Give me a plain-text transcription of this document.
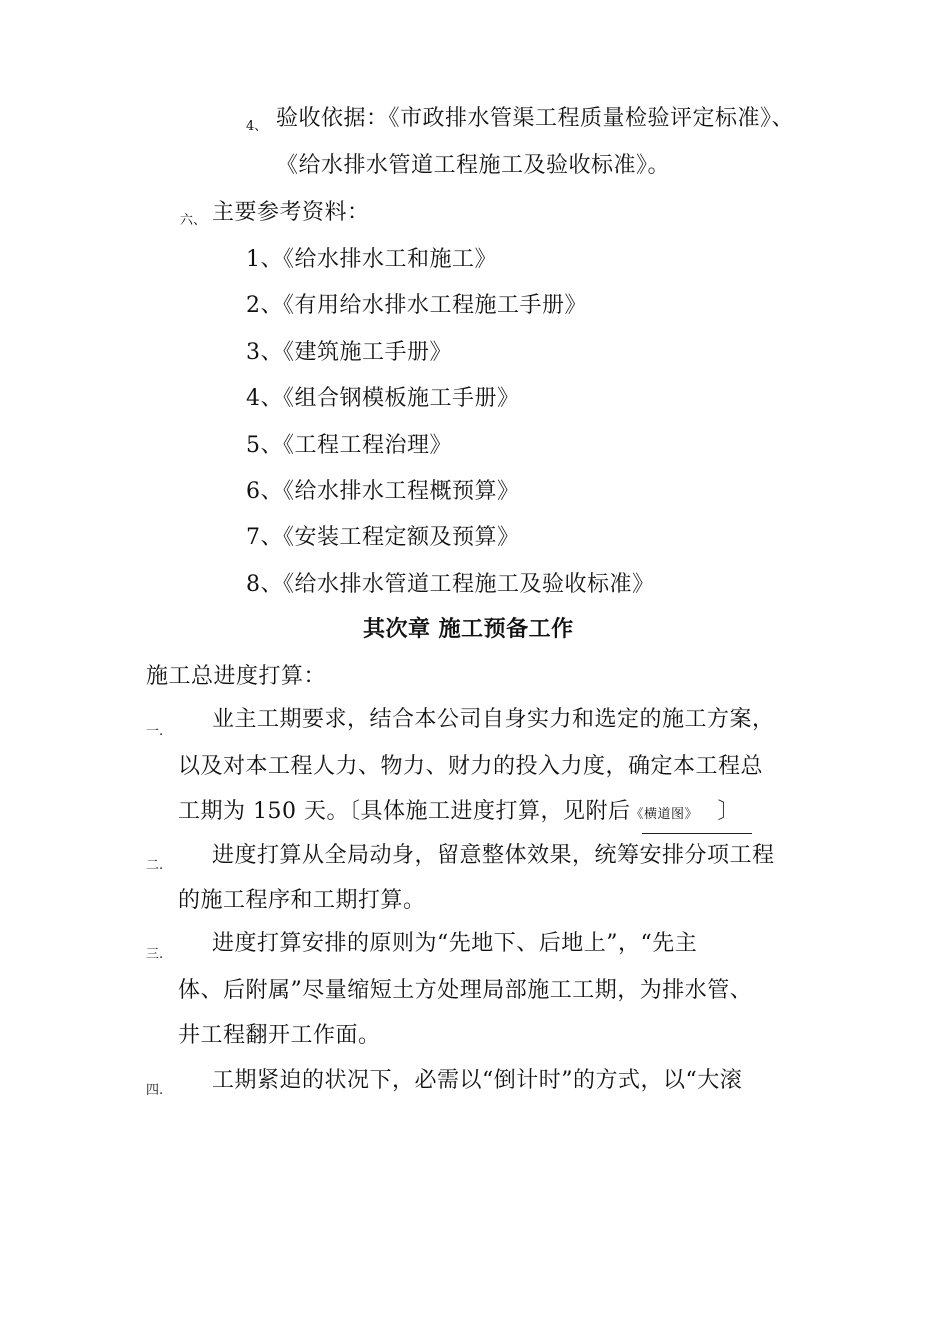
4、 验收依据：《市政排水管渠工程质量检验评定标准》、
《给水排水管道工程施工及验收标准》。
六、 主要参考资料：
1、《给水排水工和施工》
2、《有用给水排水工程施工手册》
3、《建筑施工手册》
4、《组合钢模板施工手册》
5、《工程工程治理》
6、《给水排水工程概预算》
7、《安装工程定额及预算》
8、《给水排水管道工程施工及验收标准》
其次章 施工预备工作
施工总进度打算：
一. 业主工期要求，结合本公司自身实力和选定的施工方案，
以及对本工程人力、物力、财力的投入力度，确定本工程总
工期为 150 天。〔具体施工进度打算，见附后《横道图》 〕
二. 进度打算从全局动身，留意整体效果，统筹安排分项工程
的施工程序和工期打算。
三. 进度打算安排的原则为“先地下、后地上”，“先主
体、后附属”尽量缩短土方处理局部施工工期，为排水管、
井工程翻开工作面。
四. 工期紧迫的状况下，必需以“倒计时”的方式，以“大滚
